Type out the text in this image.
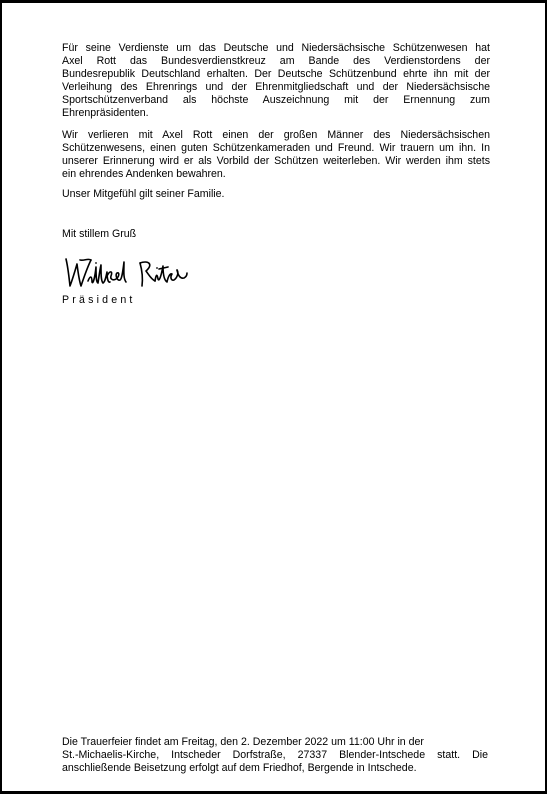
Für seine Verdienste um das Deutsche und Niedersächsische Schützenwesen hat
Axel Rott das Bundesverdienstkreuz am Bande des Verdienstordens der
Bundesrepublik Deutschland erhalten. Der Deutsche Schützenbund ehrte ihn mit der
Verleihung des Ehrenrings und der Ehrenmitgliedschaft und der Niedersächsische
Sportschützenverband als höchste Auszeichnung mit der Ernennung zum
Ehrenpräsidenten.
Wir verlieren mit Axel Rott einen der großen Männer des Niedersächsischen
Schützenwesens, einen guten Schützenkameraden und Freund. Wir trauern um ihn. In
unserer Erinnerung wird er als Vorbild der Schützen weiterleben. Wir werden ihm stets
ein ehrendes Andenken bewahren.

Unser Mitgefühl gilt seiner Familie.

Mit stillem Gruß

Präsident
Die Trauerfeier findet am Freitag, den 2. Dezember 2022 um 11:00 Uhr in der
St.-Michaelis-Kirche, Intscheder Dorfstraße, 27337 Blender-Intschede statt. Die
anschließende Beisetzung erfolgt auf dem Friedhof, Bergende in Intschede.
